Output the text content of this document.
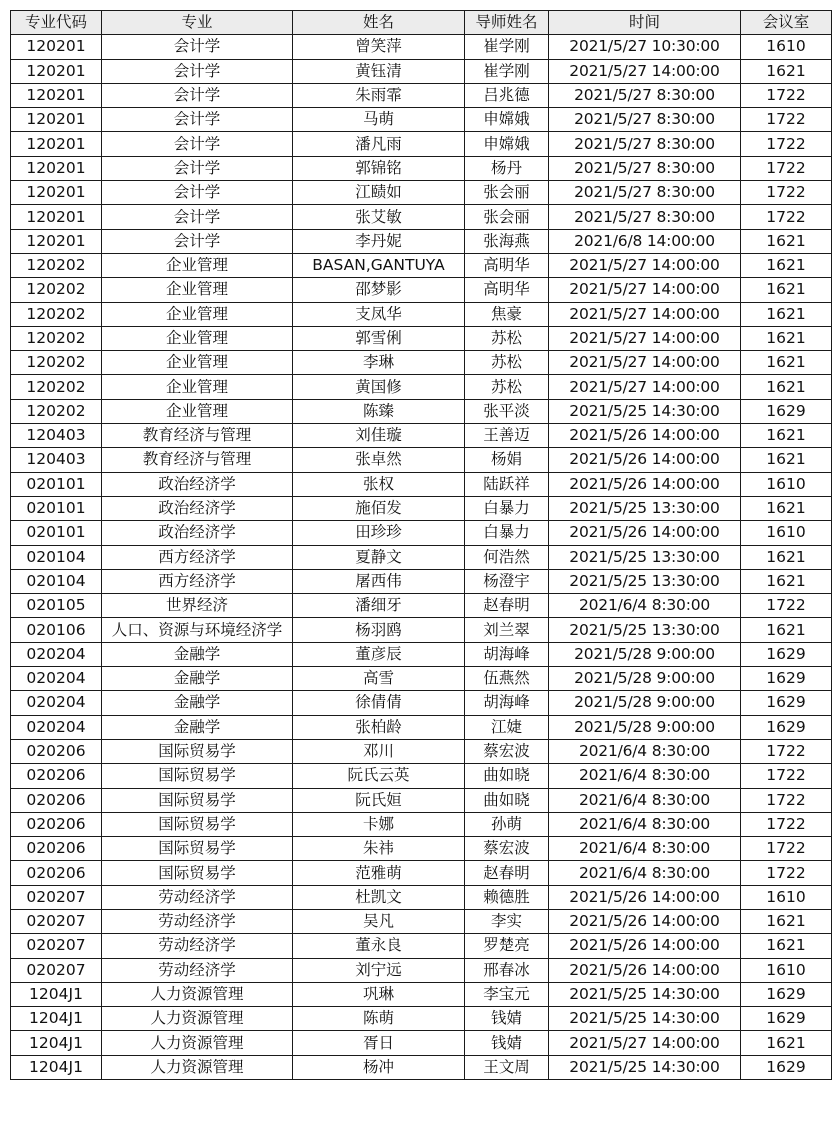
专业代码	专业	姓名	导师姓名	时间	会议室
120201	会计学	曾笑萍	崔学刚	2021/5/27 10:30:00	1610
120201	会计学	黄钰清	崔学刚	2021/5/27 14:00:00	1621
120201	会计学	朱雨霏	吕兆德	2021/5/27 8:30:00	1722
120201	会计学	马萌	申嫦娥	2021/5/27 8:30:00	1722
120201	会计学	潘凡雨	申嫦娥	2021/5/27 8:30:00	1722
120201	会计学	郭锦铭	杨丹	2021/5/27 8:30:00	1722
120201	会计学	江赜如	张会丽	2021/5/27 8:30:00	1722
120201	会计学	张艾敏	张会丽	2021/5/27 8:30:00	1722
120201	会计学	李丹妮	张海燕	2021/6/8 14:00:00	1621
120202	企业管理	BASAN,GANTUYA	高明华	2021/5/27 14:00:00	1621
120202	企业管理	邵梦影	高明华	2021/5/27 14:00:00	1621
120202	企业管理	支凤华	焦豪	2021/5/27 14:00:00	1621
120202	企业管理	郭雪俐	苏松	2021/5/27 14:00:00	1621
120202	企业管理	李琳	苏松	2021/5/27 14:00:00	1621
120202	企业管理	黄国修	苏松	2021/5/27 14:00:00	1621
120202	企业管理	陈臻	张平淡	2021/5/25 14:30:00	1629
120403	教育经济与管理	刘佳璇	王善迈	2021/5/26 14:00:00	1621
120403	教育经济与管理	张卓然	杨娟	2021/5/26 14:00:00	1621
020101	政治经济学	张权	陆跃祥	2021/5/26 14:00:00	1610
020101	政治经济学	施佰发	白暴力	2021/5/25 13:30:00	1621
020101	政治经济学	田珍珍	白暴力	2021/5/26 14:00:00	1610
020104	西方经济学	夏静文	何浩然	2021/5/25 13:30:00	1621
020104	西方经济学	屠西伟	杨澄宇	2021/5/25 13:30:00	1621
020105	世界经济	潘细牙	赵春明	2021/6/4 8:30:00	1722
020106	人口、资源与环境经济学	杨羽鸥	刘兰翠	2021/5/25 13:30:00	1621
020204	金融学	董彦辰	胡海峰	2021/5/28 9:00:00	1629
020204	金融学	高雪	伍燕然	2021/5/28 9:00:00	1629
020204	金融学	徐倩倩	胡海峰	2021/5/28 9:00:00	1629
020204	金融学	张柏龄	江婕	2021/5/28 9:00:00	1629
020206	国际贸易学	邓川	蔡宏波	2021/6/4 8:30:00	1722
020206	国际贸易学	阮氏云英	曲如晓	2021/6/4 8:30:00	1722
020206	国际贸易学	阮氏姮	曲如晓	2021/6/4 8:30:00	1722
020206	国际贸易学	卡娜	孙萌	2021/6/4 8:30:00	1722
020206	国际贸易学	朱祎	蔡宏波	2021/6/4 8:30:00	1722
020206	国际贸易学	范雅萌	赵春明	2021/6/4 8:30:00	1722
020207	劳动经济学	杜凯文	赖德胜	2021/5/26 14:00:00	1610
020207	劳动经济学	吴凡	李实	2021/5/26 14:00:00	1621
020207	劳动经济学	董永良	罗楚亮	2021/5/26 14:00:00	1621
020207	劳动经济学	刘宁远	邢春冰	2021/5/26 14:00:00	1610
1204J1	人力资源管理	巩琳	李宝元	2021/5/25 14:30:00	1629
1204J1	人力资源管理	陈萌	钱婧	2021/5/25 14:30:00	1629
1204J1	人力资源管理	胥日	钱婧	2021/5/27 14:00:00	1621
1204J1	人力资源管理	杨冲	王文周	2021/5/25 14:30:00	1629
